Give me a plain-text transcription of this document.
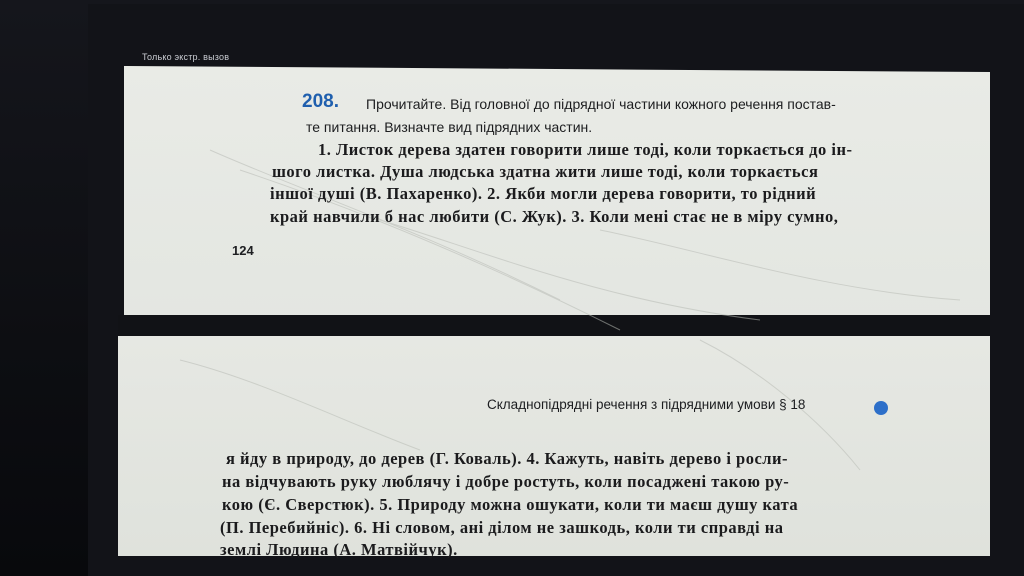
Только экстр. вызов
208. Прочитайте. Від головної до підрядної частини кожного речення постав-
те питання. Визначте вид підрядних частин.
1. Листок дерева здатен говорити лише тоді, коли торкається до ін-
шого листка. Душа людська здатна жити лише тоді, коли торкається
іншої душі (В. Пахаренко). 2. Якби могли дерева говорити, то рідний
край навчили б нас любити (С. Жук). 3. Коли мені стає не в міру сумно,
124
Складнопідрядні речення з підрядними умови § 18
я йду в природу, до дерев (Г. Коваль). 4. Кажуть, навіть дерево і росли-
на відчувають руку люблячу і добре ростуть, коли посаджені такою ру-
кою (Є. Сверстюк). 5. Природу можна ошукати, коли ти маєш душу ката
(П. Перебийніс). 6. Ні словом, ані ділом не зашкодь, коли ти справді на
землі Людина (А. Матвійчук).
